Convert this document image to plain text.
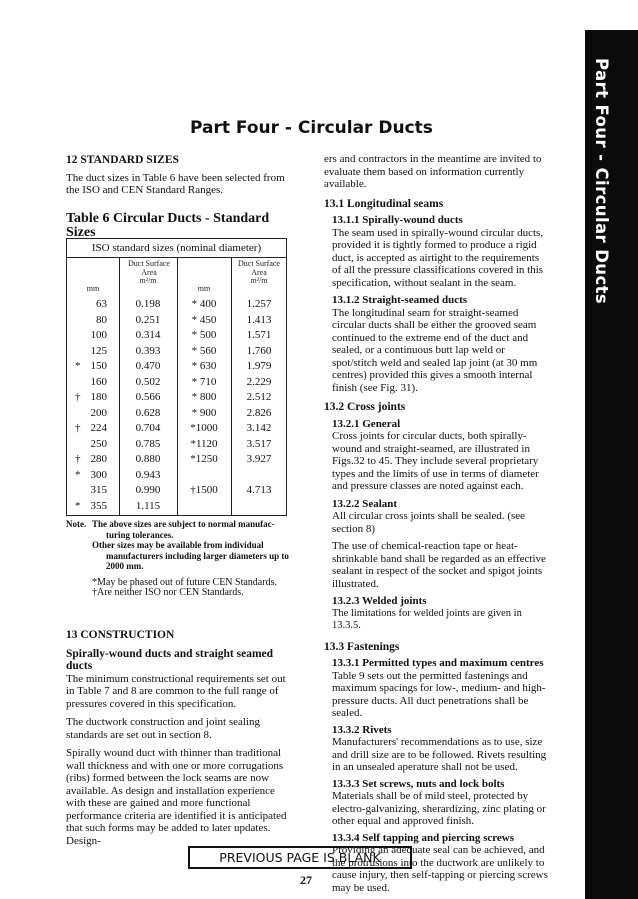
Part Four - Circular Ducts
Part Four - Circular Ducts

12 STANDARD SIZES

The duct sizes in Table 6 have been selected from the ISO and CEN Standard Ranges.

Table 6 Circular Ducts - Standard Sizes

ISO standard sizes (nominal diameter)
mm
Duct Surface Area
m²/m
mm
Duct Surface Area
m²/m
63	0.198	* 400	1.257
80	0.251	* 450	1.413
100	0.314	* 500	1.571
125	0.393	* 560	1.760
* 150	0.470	* 630	1.979
160	0.502	* 710	2.229
† 180	0.566	* 800	2.512
200	0.628	* 900	2.826
† 224	0.704	*1000	3.142
250	0.785	*1120	3.517
† 280	0.880	*1250	3.927
* 300	0.943
315	0.990	†1500	4.713
* 355	1.115
Note. The above sizes are subject to normal manufac-
turing tolerances.
Other sizes may be available from individual
manufacturers including larger diameters up to
2000 mm.
*May be phased out of future CEN Standards.
†Are neither ISO nor CEN Standards.

13 CONSTRUCTION

Spirally-wound ducts and straight seamed ducts

The minimum constructional requirements set out in Table 7 and 8 are common to the full range of pressures covered in this specification.

The ductwork construction and joint sealing standards are set out in section 8.

Spirally wound duct with thinner than traditional wall thickness and with one or more corrugations (ribs) formed between the lock seams are now available. As design and installation experience with these are gained and more functional performance criteria are identified it is anticipated that such forms may be added to later updates. Design-

ers and contractors in the meantime are invited to evaluate them based on information currently available.

13.1 Longitudinal seams

13.1.1 Spirally-wound ducts

The seam used in spirally-wound circular ducts, provided it is tightly formed to produce a rigid duct, is accepted as airtight to the requirements of all the pressure classifications covered in this specification, without sealant in the seam.

13.1.2 Straight-seamed ducts

The longitudinal seam for straight-seamed circular ducts shall be either the grooved seam continued to the extreme end of the duct and sealed, or a continuous butt lap weld or spot/stitch weld and sealed lap joint (at 30 mm centres) provided this gives a smooth internal finish (see Fig. 31).

13.2 Cross joints

13.2.1 General

Cross joints for circular ducts, both spirally-wound and straight-seamed, are illustrated in Figs.32 to 45. They include several proprietary types and the limits of use in terms of diameter and pressure classes are noted against each.

13.2.2 Sealant

All circular cross joints shall be sealed. (see section 8)

The use of chemical-reaction tape or heat-shrinkable band shall be regarded as an effective sealant in respect of the socket and spigot joints illustrated.

13.2.3 Welded joints

The limitations for welded joints are given in 13.3.5.

13.3 Fastenings

13.3.1 Permitted types and maximum centres

Table 9 sets out the permitted fastenings and maximum spacings for low-, medium- and high-pressure ducts. All duct penetrations shall be sealed.

13.3.2 Rivets

Manufacturers' recommendations as to use, size and drill size are to be followed. Rivets resulting in an unsealed aperature shall not be used.

13.3.3 Set screws, nuts and lock bolts

Materials shall be of mild steel, protected by electro-galvanizing, sherardizing, zinc plating or other equal and approved finish.

13.3.4 Self tapping and piercing screws

Providing an adequate seal can be achieved, and the protrusions into the ductwork are unlikely to cause injury, then self-tapping or piercing screws may be used.

PREVIOUS PAGE IS BLANK
27
